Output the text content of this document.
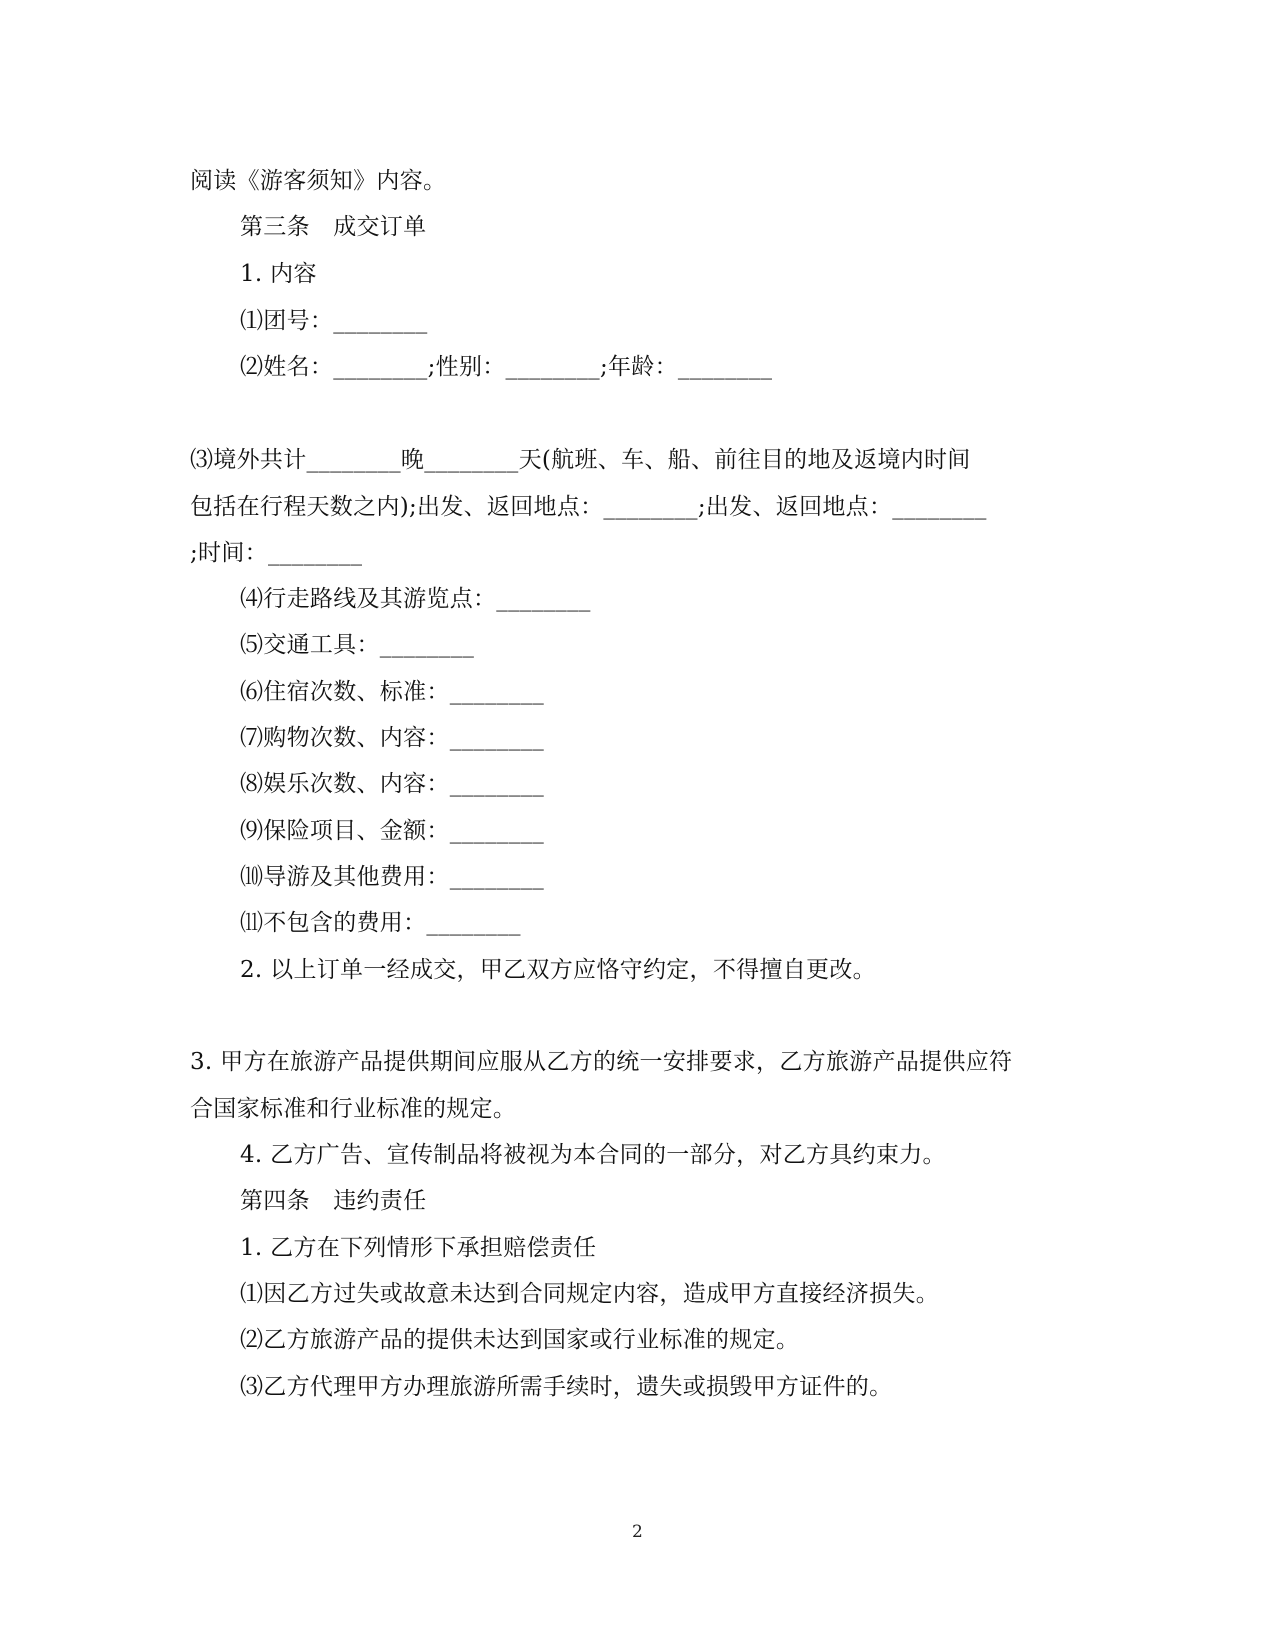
阅读《游客须知》内容。
第三条　成交订单
1. 内容
⑴团号：________
⑵姓名：________;性别：________;年龄：________
⑶境外共计________晚________天(航班、车、船、前往目的地及返境内时间
包括在行程天数之内);出发、返回地点：________;出发、返回地点：________
;时间：________
⑷行走路线及其游览点：________
⑸交通工具：________
⑹住宿次数、标准：________
⑺购物次数、内容：________
⑻娱乐次数、内容：________
⑼保险项目、金额：________
⑽导游及其他费用：________
⑾不包含的费用：________
2. 以上订单一经成交，甲乙双方应恪守约定，不得擅自更改。
3. 甲方在旅游产品提供期间应服从乙方的统一安排要求，乙方旅游产品提供应符
合国家标准和行业标准的规定。
4. 乙方广告、宣传制品将被视为本合同的一部分，对乙方具约束力。
第四条　违约责任
1. 乙方在下列情形下承担赔偿责任
⑴因乙方过失或故意未达到合同规定内容，造成甲方直接经济损失。
⑵乙方旅游产品的提供未达到国家或行业标准的规定。
⑶乙方代理甲方办理旅游所需手续时，遗失或损毁甲方证件的。
2
